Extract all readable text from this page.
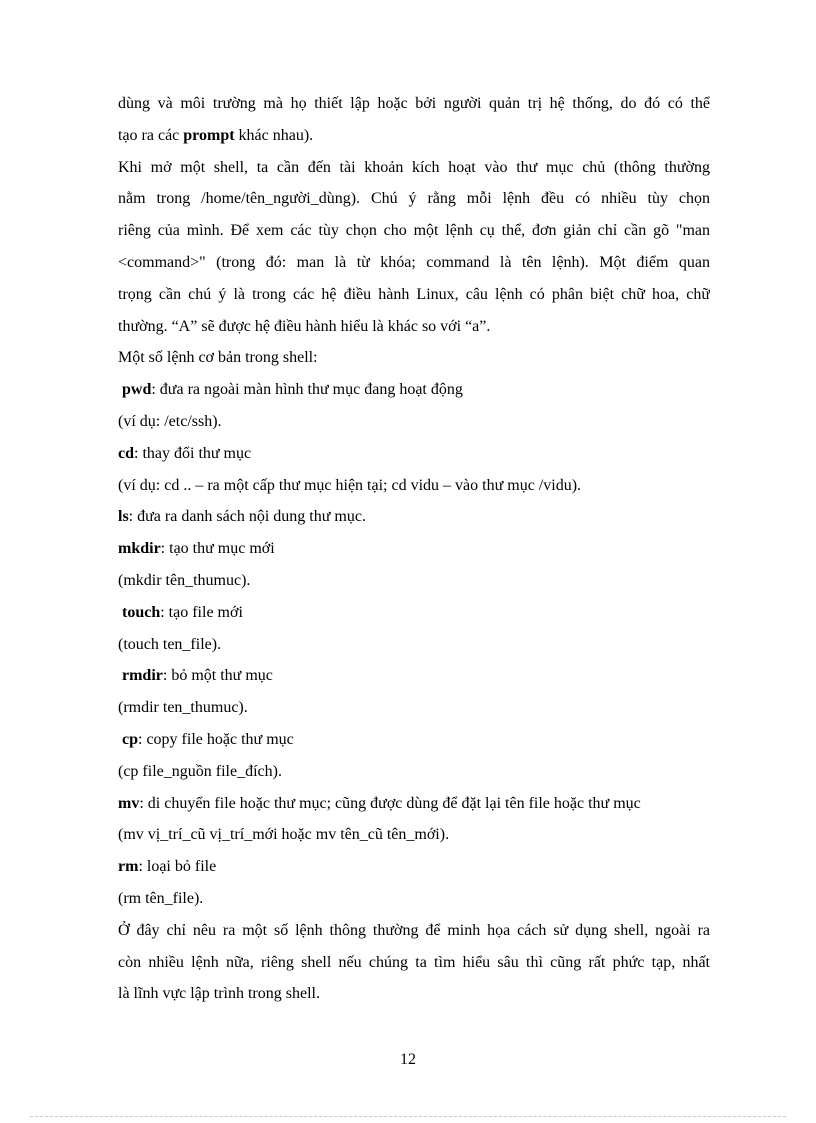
dùng và môi trường mà họ thiết lập hoặc bởi người quản trị hệ thống, do đó có thể
tạo ra các prompt khác nhau).
Khi mở một shell, ta cần đến tài khoản kích hoạt vào thư mục chủ (thông thường
nằm trong /home/tên_người_dùng). Chú ý rằng mỗi lệnh đều có nhiều tùy chọn
riêng của mình. Để xem các tùy chọn cho một lệnh cụ thể, đơn giản chỉ cần gõ "man
<command>" (trong đó: man là từ khóa; command là tên lệnh). Một điểm quan
trọng cần chú ý là trong các hệ điều hành Linux, câu lệnh có phân biệt chữ hoa, chữ
thường. “A” sẽ được hệ điều hành hiểu là khác so với “a”.
Một số lệnh cơ bản trong shell:
pwd: đưa ra ngoài màn hình thư mục đang hoạt động
(ví dụ: /etc/ssh).
cd: thay đổi thư mục
(ví dụ: cd .. – ra một cấp thư mục hiện tại; cd vidu – vào thư mục /vidu).
ls: đưa ra danh sách nội dung thư mục.
mkdir: tạo thư mục mới
(mkdir tên_thumuc).
touch: tạo file mới
(touch ten_file).
rmdir: bỏ một thư mục
(rmdir ten_thumuc).
cp: copy file hoặc thư mục
(cp file_nguồn file_đích).
mv: di chuyển file hoặc thư mục; cũng được dùng để đặt lại tên file hoặc thư mục
(mv vị_trí_cũ vị_trí_mới hoặc mv tên_cũ tên_mới).
rm: loại bỏ file
(rm tên_file).
Ở đây chỉ nêu ra một số lệnh thông thường để minh họa cách sử dụng shell, ngoài ra
còn nhiều lệnh nữa, riêng shell nếu chúng ta tìm hiểu sâu thì cũng rất phức tạp, nhất
là lĩnh vực lập trình trong shell.
12
